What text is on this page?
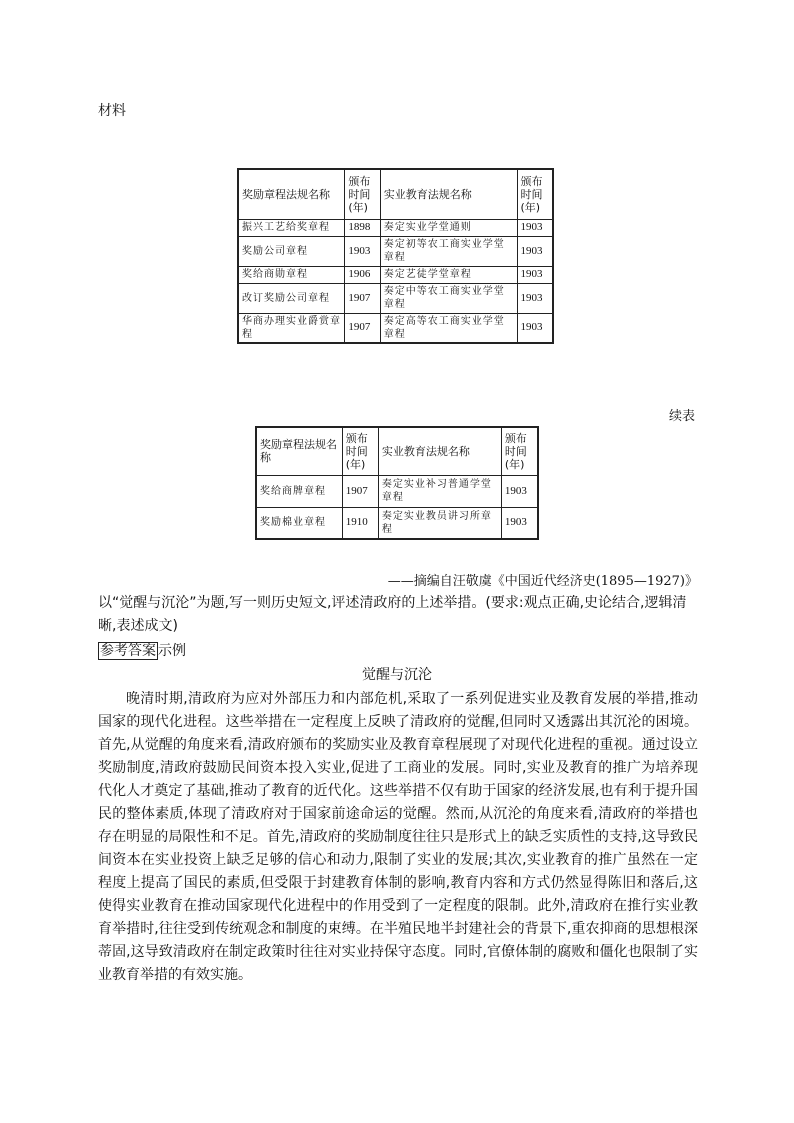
材料
奖励章程法规名称	颁布时间(年)	实业教育法规名称	颁布时间(年)
振兴工艺给奖章程	1898	奏定实业学堂通则	1903
奖励公司章程	1903	奏定初等农工商实业学堂章程	1903
奖给商勋章程	1906	奏定艺徒学堂章程	1903
改订奖励公司章程	1907	奏定中等农工商实业学堂章程	1903
华商办理实业爵赏章程	1907	奏定高等农工商实业学堂章程	1903
续表
奖励章程法规名称	颁布时间(年)	实业教育法规名称	颁布时间(年)
奖给商牌章程	1907	奏定实业补习普通学堂章程	1903
奖励棉业章程	1910	奏定实业教员讲习所章程	1903
——摘编自汪敬虞《中国近代经济史(1895—1927)》
以“觉醒与沉沦”为题,写一则历史短文,评述清政府的上述举措。(要求:观点正确,史论结合,逻辑清晰,表述成文)
参考答案 示例
觉醒与沉沦
晚清时期,清政府为应对外部压力和内部危机,采取了一系列促进实业及教育发展的举措,推动国家的现代化进程。这些举措在一定程度上反映了清政府的觉醒,但同时又透露出其沉沦的困境。首先,从觉醒的角度来看,清政府颁布的奖励实业及教育章程展现了对现代化进程的重视。通过设立奖励制度,清政府鼓励民间资本投入实业,促进了工商业的发展。同时,实业及教育的推广为培养现代化人才奠定了基础,推动了教育的近代化。这些举措不仅有助于国家的经济发展,也有利于提升国民的整体素质,体现了清政府对于国家前途命运的觉醒。然而,从沉沦的角度来看,清政府的举措也存在明显的局限性和不足。首先,清政府的奖励制度往往只是形式上的缺乏实质性的支持,这导致民间资本在实业投资上缺乏足够的信心和动力,限制了实业的发展;其次,实业教育的推广虽然在一定程度上提高了国民的素质,但受限于封建教育体制的影响,教育内容和方式仍然显得陈旧和落后,这使得实业教育在推动国家现代化进程中的作用受到了一定程度的限制。此外,清政府在推行实业教育举措时,往往受到传统观念和制度的束缚。在半殖民地半封建社会的背景下,重农抑商的思想根深蒂固,这导致清政府在制定政策时往往对实业持保守态度。同时,官僚体制的腐败和僵化也限制了实业教育举措的有效实施。
